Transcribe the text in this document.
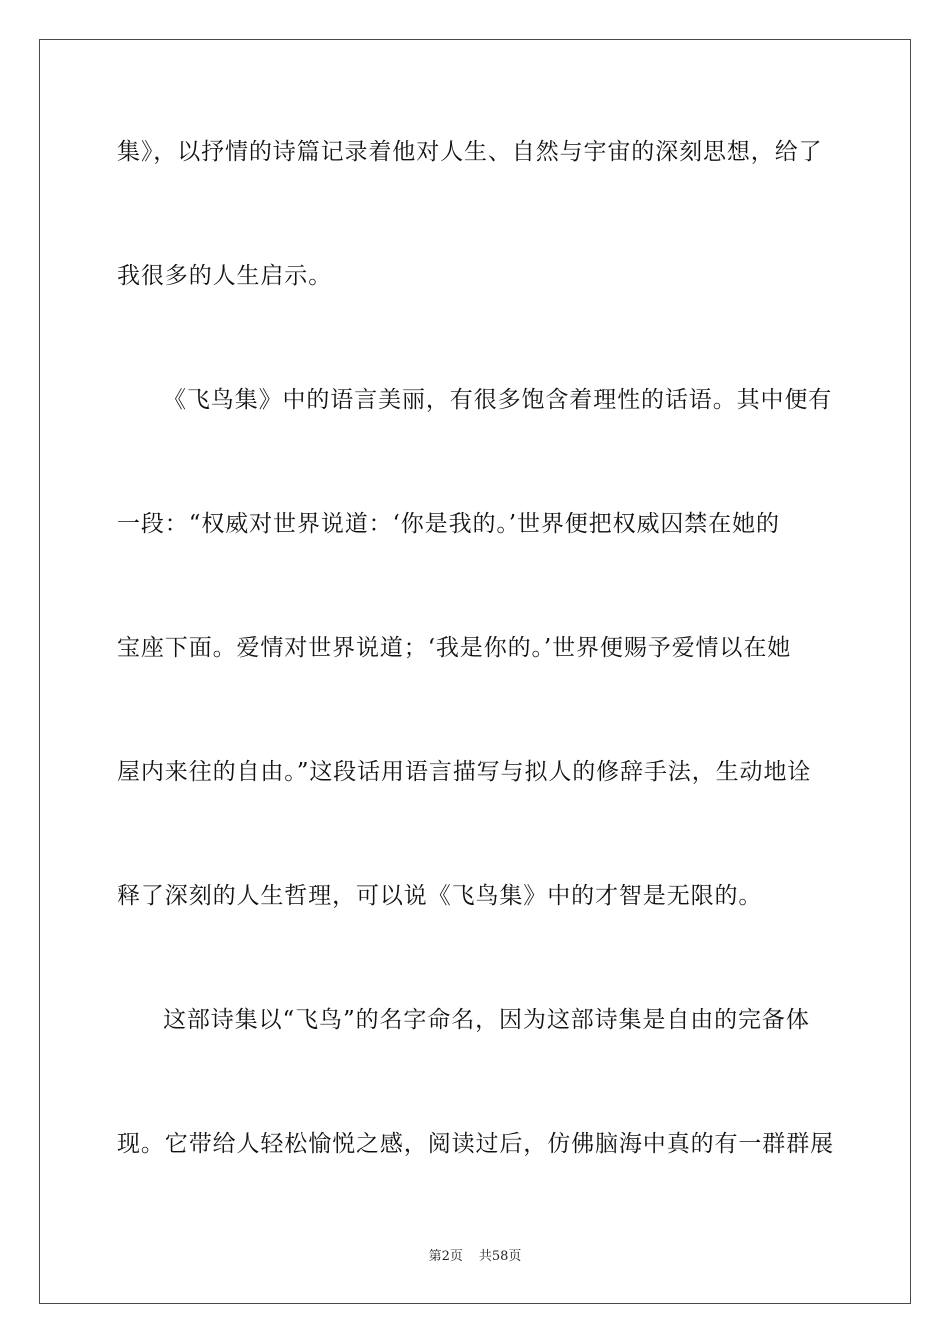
集》，以抒情的诗篇记录着他对人生、自然与宇宙的深刻思想，给了
我很多的人生启示。
《飞鸟集》中的语言美丽，有很多饱含着理性的话语。其中便有
一段：“权威对世界说道：‘你是我的。’世界便把权威囚禁在她的
宝座下面。爱情对世界说道；‘我是你的。’世界便赐予爱情以在她
屋内来往的自由。”这段话用语言描写与拟人的修辞手法，生动地诠
释了深刻的人生哲理，可以说《飞鸟集》中的才智是无限的。
这部诗集以“飞鸟”的名字命名，因为这部诗集是自由的完备体
现。它带给人轻松愉悦之感，阅读过后，仿佛脑海中真的有一群群展
第2页 共58页
